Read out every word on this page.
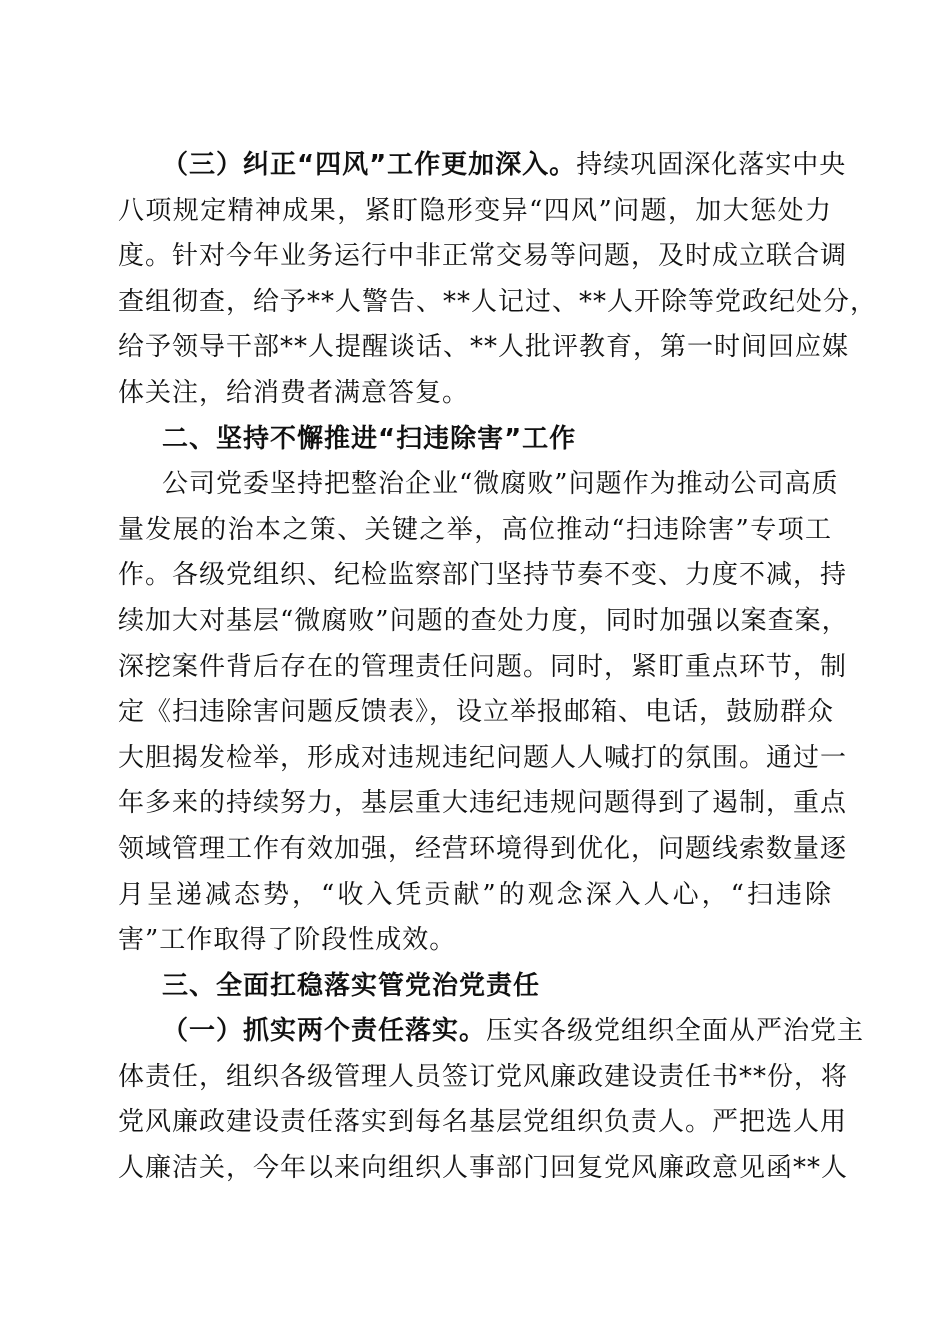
（三）纠正“四风”工作更加深入。持续巩固深化落实中央
八项规定精神成果，紧盯隐形变异“四风”问题，加大惩处力
度。针对今年业务运行中非正常交易等问题，及时成立联合调
查组彻查，给予**人警告、**人记过、**人开除等党政纪处分，
给予领导干部**人提醒谈话、**人批评教育，第一时间回应媒
体关注，给消费者满意答复。
二、坚持不懈推进“扫违除害”工作
公司党委坚持把整治企业“微腐败”问题作为推动公司高质
量发展的治本之策、关键之举，高位推动“扫违除害”专项工
作。各级党组织、纪检监察部门坚持节奏不变、力度不减，持
续加大对基层“微腐败”问题的查处力度，同时加强以案查案，
深挖案件背后存在的管理责任问题。同时，紧盯重点环节，制
定《扫违除害问题反馈表》，设立举报邮箱、电话，鼓励群众
大胆揭发检举，形成对违规违纪问题人人喊打的氛围。通过一
年多来的持续努力，基层重大违纪违规问题得到了遏制，重点
领域管理工作有效加强，经营环境得到优化，问题线索数量逐
月呈递减态势，“收入凭贡献”的观念深入人心，“扫违除
害”工作取得了阶段性成效。
三、全面扛稳落实管党治党责任
（一）抓实两个责任落实。压实各级党组织全面从严治党主
体责任，组织各级管理人员签订党风廉政建设责任书**份，将
党风廉政建设责任落实到每名基层党组织负责人。严把选人用
人廉洁关，今年以来向组织人事部门回复党风廉政意见函**人
